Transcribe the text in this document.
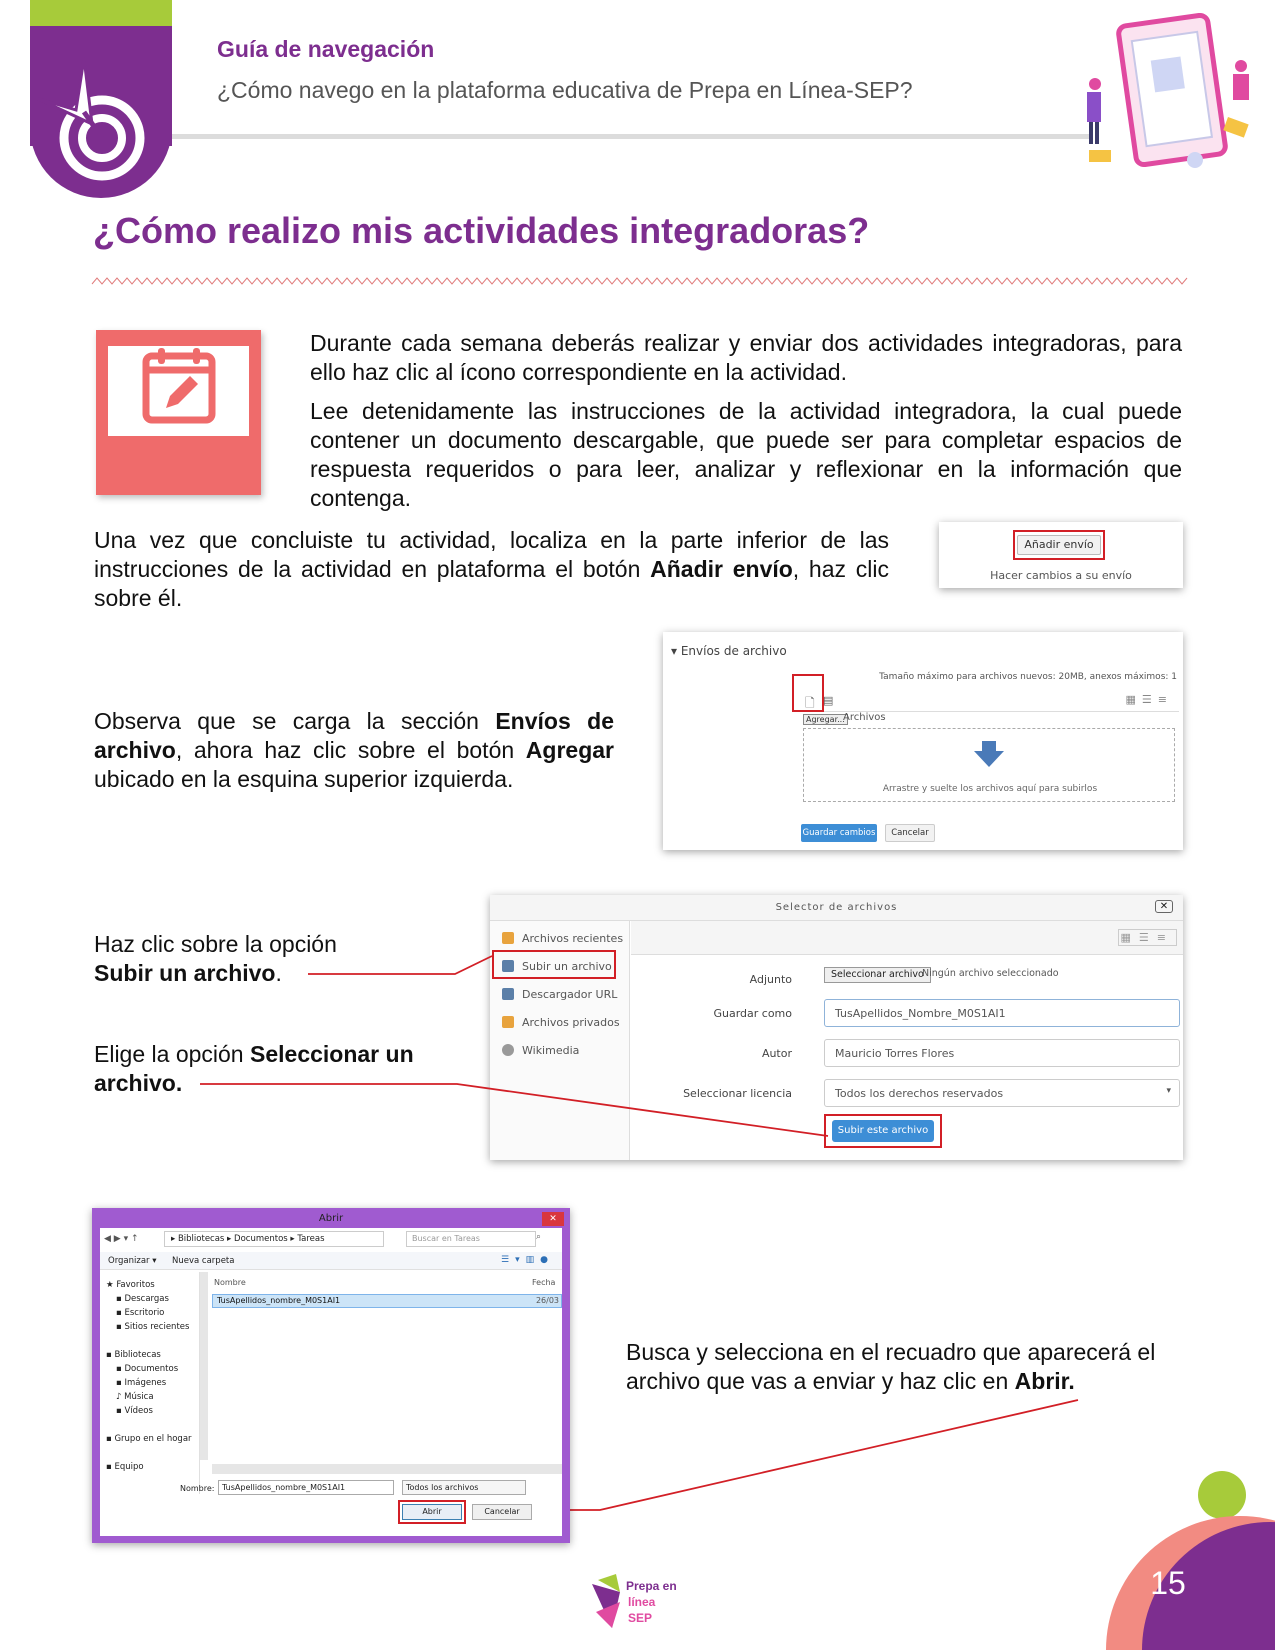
Guía de navegación
¿Cómo navego en la plataforma educativa de Prepa en Línea-SEP?
¿Cómo realizo mis actividades integradoras?

Durante cada semana deberás realizar y enviar dos actividades integradoras, para ello haz clic al ícono correspondiente en la actividad.

Lee detenidamente las instrucciones de la actividad integradora, la cual puede contener un documento descargable, que puede ser para completar espacios de respuesta requeridos o para leer, analizar y reflexionar en la información que contenga.

Una vez que concluiste tu actividad, localiza en la parte inferior de las instrucciones de la actividad en plataforma el botón Añadir envío, haz clic sobre él.

Añadir envío
Hacer cambios a su envío

Observa que se carga la sección Envíos de archivo, ahora haz clic sobre el botón Agregar ubicado en la esquina superior izquierda.

▾ Envíos de archivo
Tamaño máximo para archivos nuevos: 20MB, anexos máximos: 1
🗋 ▤	▦☰≡
Agregar...
Archivos
Arrastre y suelte los archivos aquí para subirlos
Guardar cambios	Cancelar

Haz clic sobre la opción
Subir un archivo.

Elige la opción Seleccionar un archivo.

Selector de archivos	✕
Archivos recientes
Subir un archivo
Descargador URL
Archivos privados
Wikimedia
▦☰≡
Adjunto	Seleccionar archivo
Ningún archivo seleccionado
Guardar como	TusApellidos_Nombre_M0S1AI1
Autor	Mauricio Torres Flores
Seleccionar licencia	Todos los derechos reservados	▾
Subir este archivo
Abrir	✕
◀ ▶ ▾ ↑	▸ Bibliotecas ▸ Documentos ▸ Tareas	Buscar en Tareas	⌕
Organizar ▾ Nueva carpeta	☰▾▥●
★ Favoritos
▪ Descargas
▪ Escritorio
▪ Sitios recientes
▪ Bibliotecas
▪ Documentos
▪ Imágenes
♪ Música
▪ Vídeos
▪ Grupo en el hogar
▪ Equipo
Nombre	Fecha
TusApellidos_nombre_M0S1AI1	26/03
Nombre: TusApellidos_nombre_M0S1AI1	Todos los archivos
Abrir	Cancelar

Busca y selecciona en el recuadro que aparecerá el archivo que vas a enviar y haz clic en Abrir.

15
Prepa en
línea
SEP
